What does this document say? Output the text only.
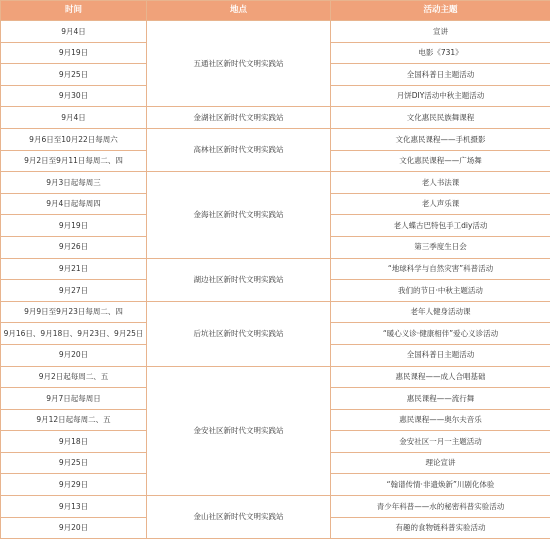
时间	地点	活动主题
9月4日	五通社区新时代文明实践站	宣讲
9月19日		电影《731》
9月25日		全国科普日主题活动
9月30日		月饼DIY活动中秋主题活动
9月4日	金湖社区新时代文明实践站	文化惠民民族舞课程
9月6日至10月22日每周六	高林社区新时代文明实践站	文化惠民课程——手机摄影
9月2日至9月11日每周二、四		文化惠民课程——广场舞
9月3日起每周三	金海社区新时代文明实践站	老人书法课
9月4日起每周四		老人声乐课
9月19日		老人蝶古巴特包手工diy活动
9月26日		第三季度生日会
9月21日	湖边社区新时代文明实践站	“地球科学与自然灾害”科普活动
9月27日		我们的节日·中秋主题活动
9月9日至9月23日每周二、四	后坑社区新时代文明实践站	老年人健身活动课
9月16日、9月18日、9月23日、9月25日		“暖心义诊·健康相伴”爱心义诊活动
9月20日		全国科普日主题活动
9月2日起每周二、五	金安社区新时代文明实践站	惠民课程——成人合唱基础
9月7日起每周日		惠民课程——流行舞
9月12日起每周二、五		惠民课程——奥尔夫音乐
9月18日		金安社区一月一主题活动
9月25日		理论宣讲
9月29日		“翰谱传情·非遗焕新”川剧化体验
9月13日	金山社区新时代文明实践站	青少年科普——水的秘密科普实验活动
9月20日		有趣的食物链科普实验活动
